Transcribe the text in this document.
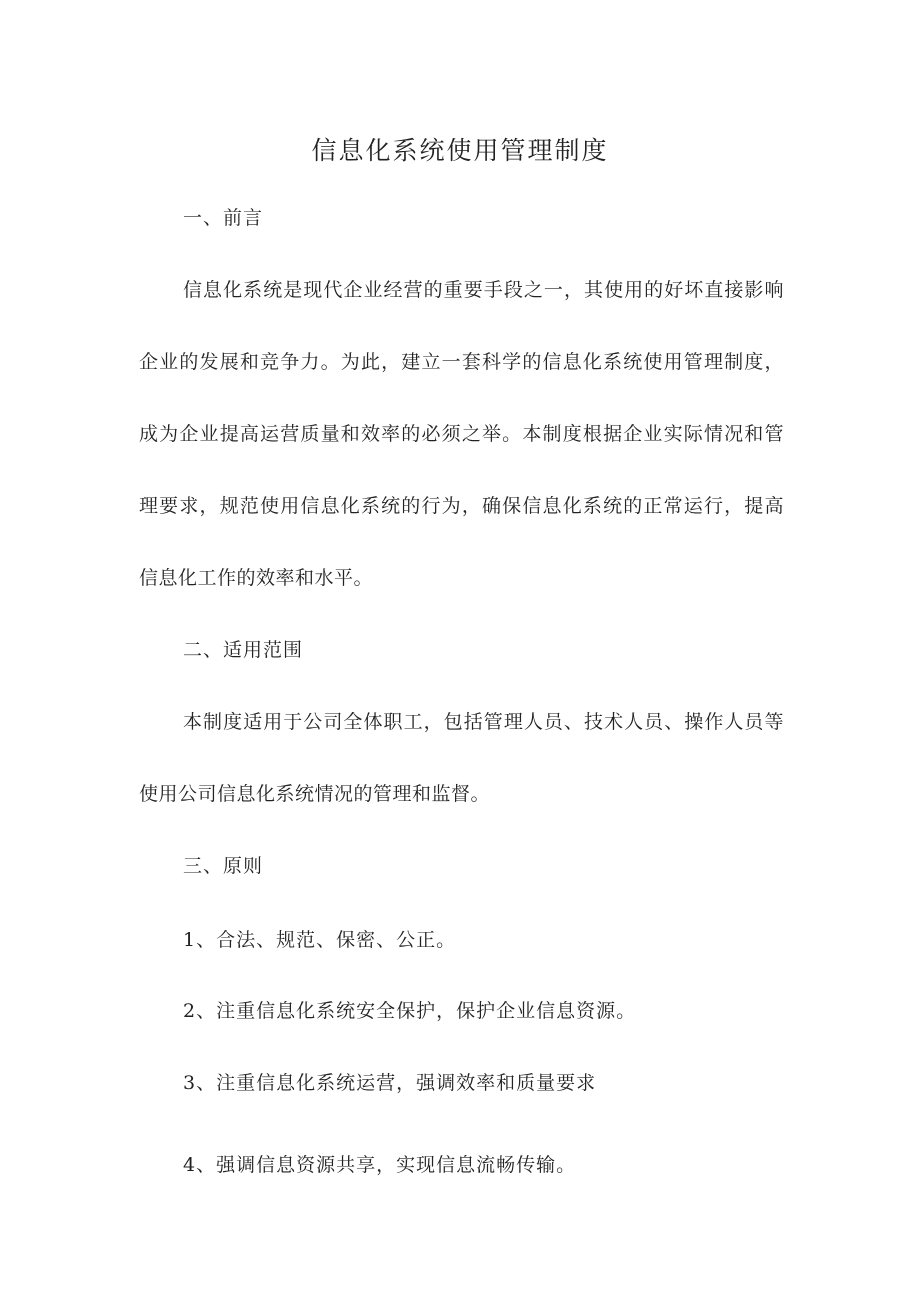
信息化系统使用管理制度

一、前言

信息化系统是现代企业经营的重要手段之一，其使用的好坏直接影响

企业的发展和竞争力。为此，建立一套科学的信息化系统使用管理制度，

成为企业提高运营质量和效率的必须之举。本制度根据企业实际情况和管

理要求，规范使用信息化系统的行为，确保信息化系统的正常运行，提高

信息化工作的效率和水平。

二、适用范围

本制度适用于公司全体职工，包括管理人员、技术人员、操作人员等

使用公司信息化系统情况的管理和监督。

三、原则

1、合法、规范、保密、公正。

2、注重信息化系统安全保护，保护企业信息资源。

3、注重信息化系统运营，强调效率和质量要求

4、强调信息资源共享，实现信息流畅传输。
